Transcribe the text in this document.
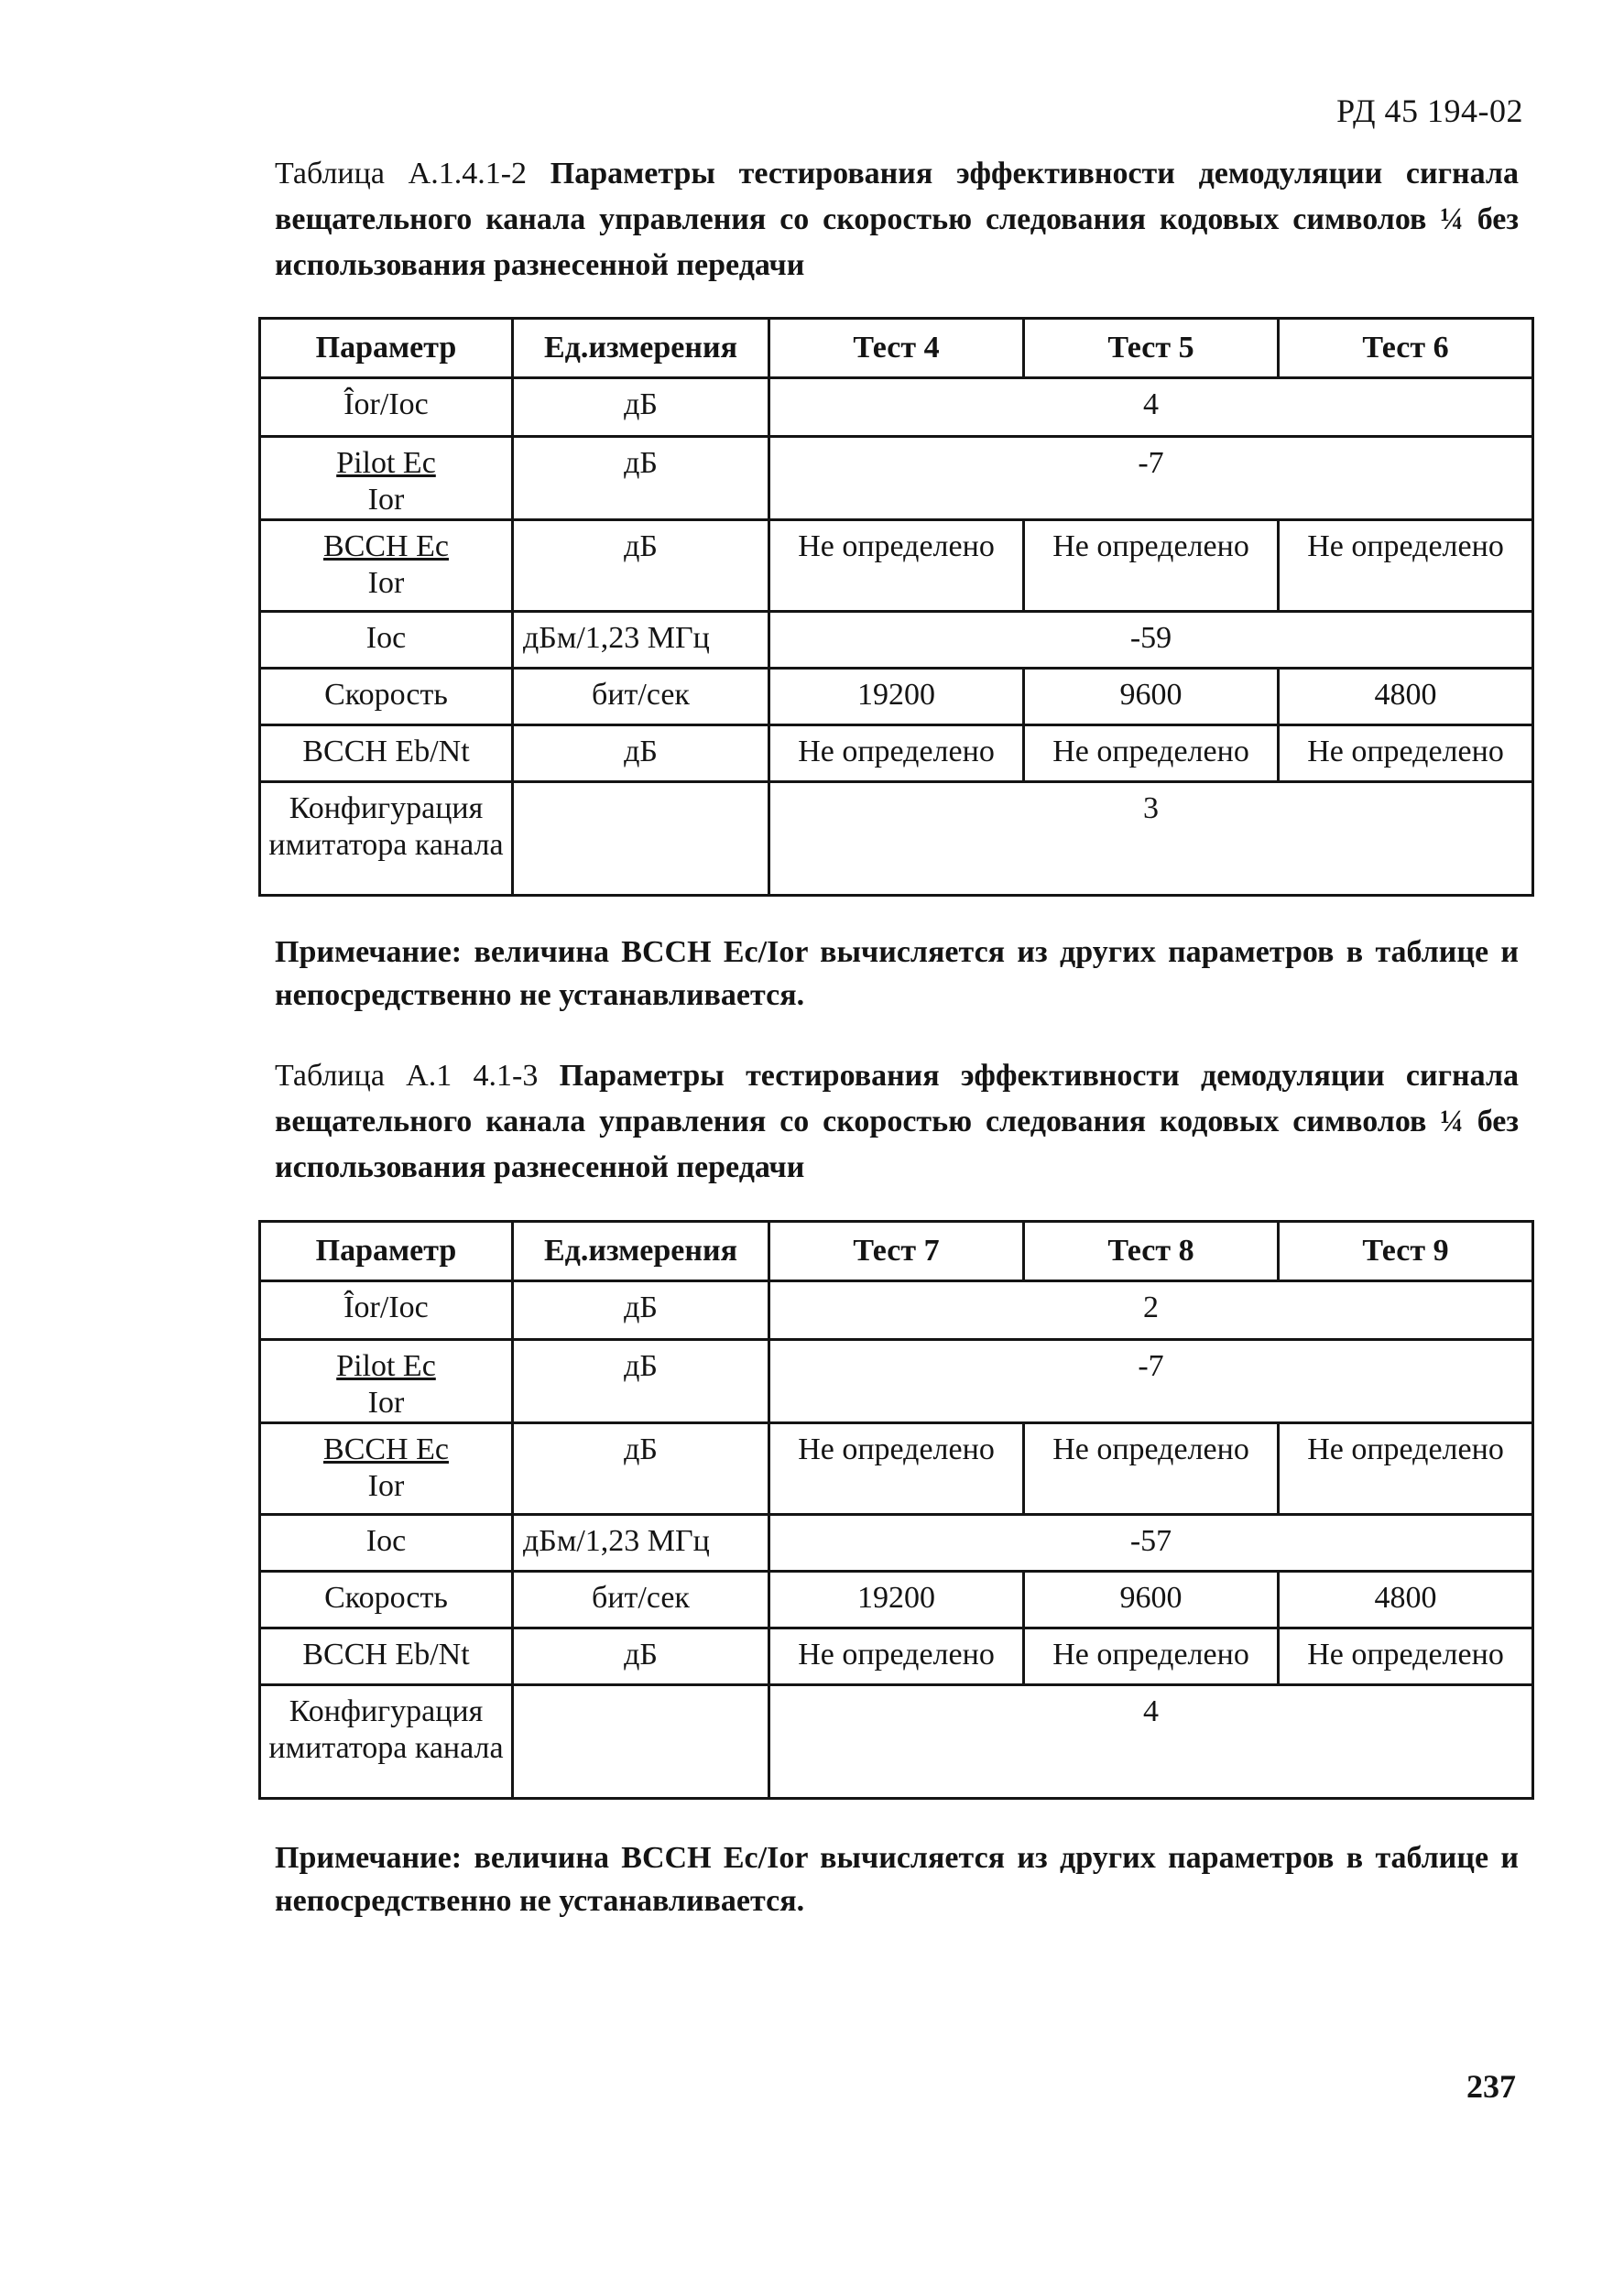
РД 45 194-02
Таблица А.1.4.1-2 Параметры тестирования эффективности демодуляции сигнала вещательного канала управления со скоростью следования кодовых символов ¼ без использования разнесенной передачи
Параметр	Ед.измерения	Тест 4	Тест 5	Тест 6
Îor/Ioc	дБ	4		

Pilot Ec
Ior	дБ	-7		

BCCH Ec
Ior	дБ	Не определено	Не определено	Не определено
Ioc	дБм/1,23 МГц	-59		
Скорость	бит/сек	19200	9600	4800
BCCH Eb/Nt	дБ	Не определено	Не определено	Не определено
Конфигурация имитатора канала		3		
Примечание: величина BCCH Ec/Ior вычисляется из других параметров в таблице и непосредственно не устанавливается.
Таблица А.1 4.1-3 Параметры тестирования эффективности демодуляции сигнала вещательного канала управления со скоростью следования кодовых символов ¼ без использования разнесенной передачи
Параметр	Ед.измерения	Тест 7	Тест 8	Тест 9
Îor/Ioc	дБ	2		

Pilot Ec
Ior	дБ	-7		

BCCH Ec
Ior	дБ	Не определено	Не определено	Не определено
Ioc	дБм/1,23 МГц	-57		
Скорость	бит/сек	19200	9600	4800
BCCH Eb/Nt	дБ	Не определено	Не определено	Не определено
Конфигурация имитатора канала		4		
Примечание: величина BCCH Ec/Ior вычисляется из других параметров в таблице и непосредственно не устанавливается.
237
